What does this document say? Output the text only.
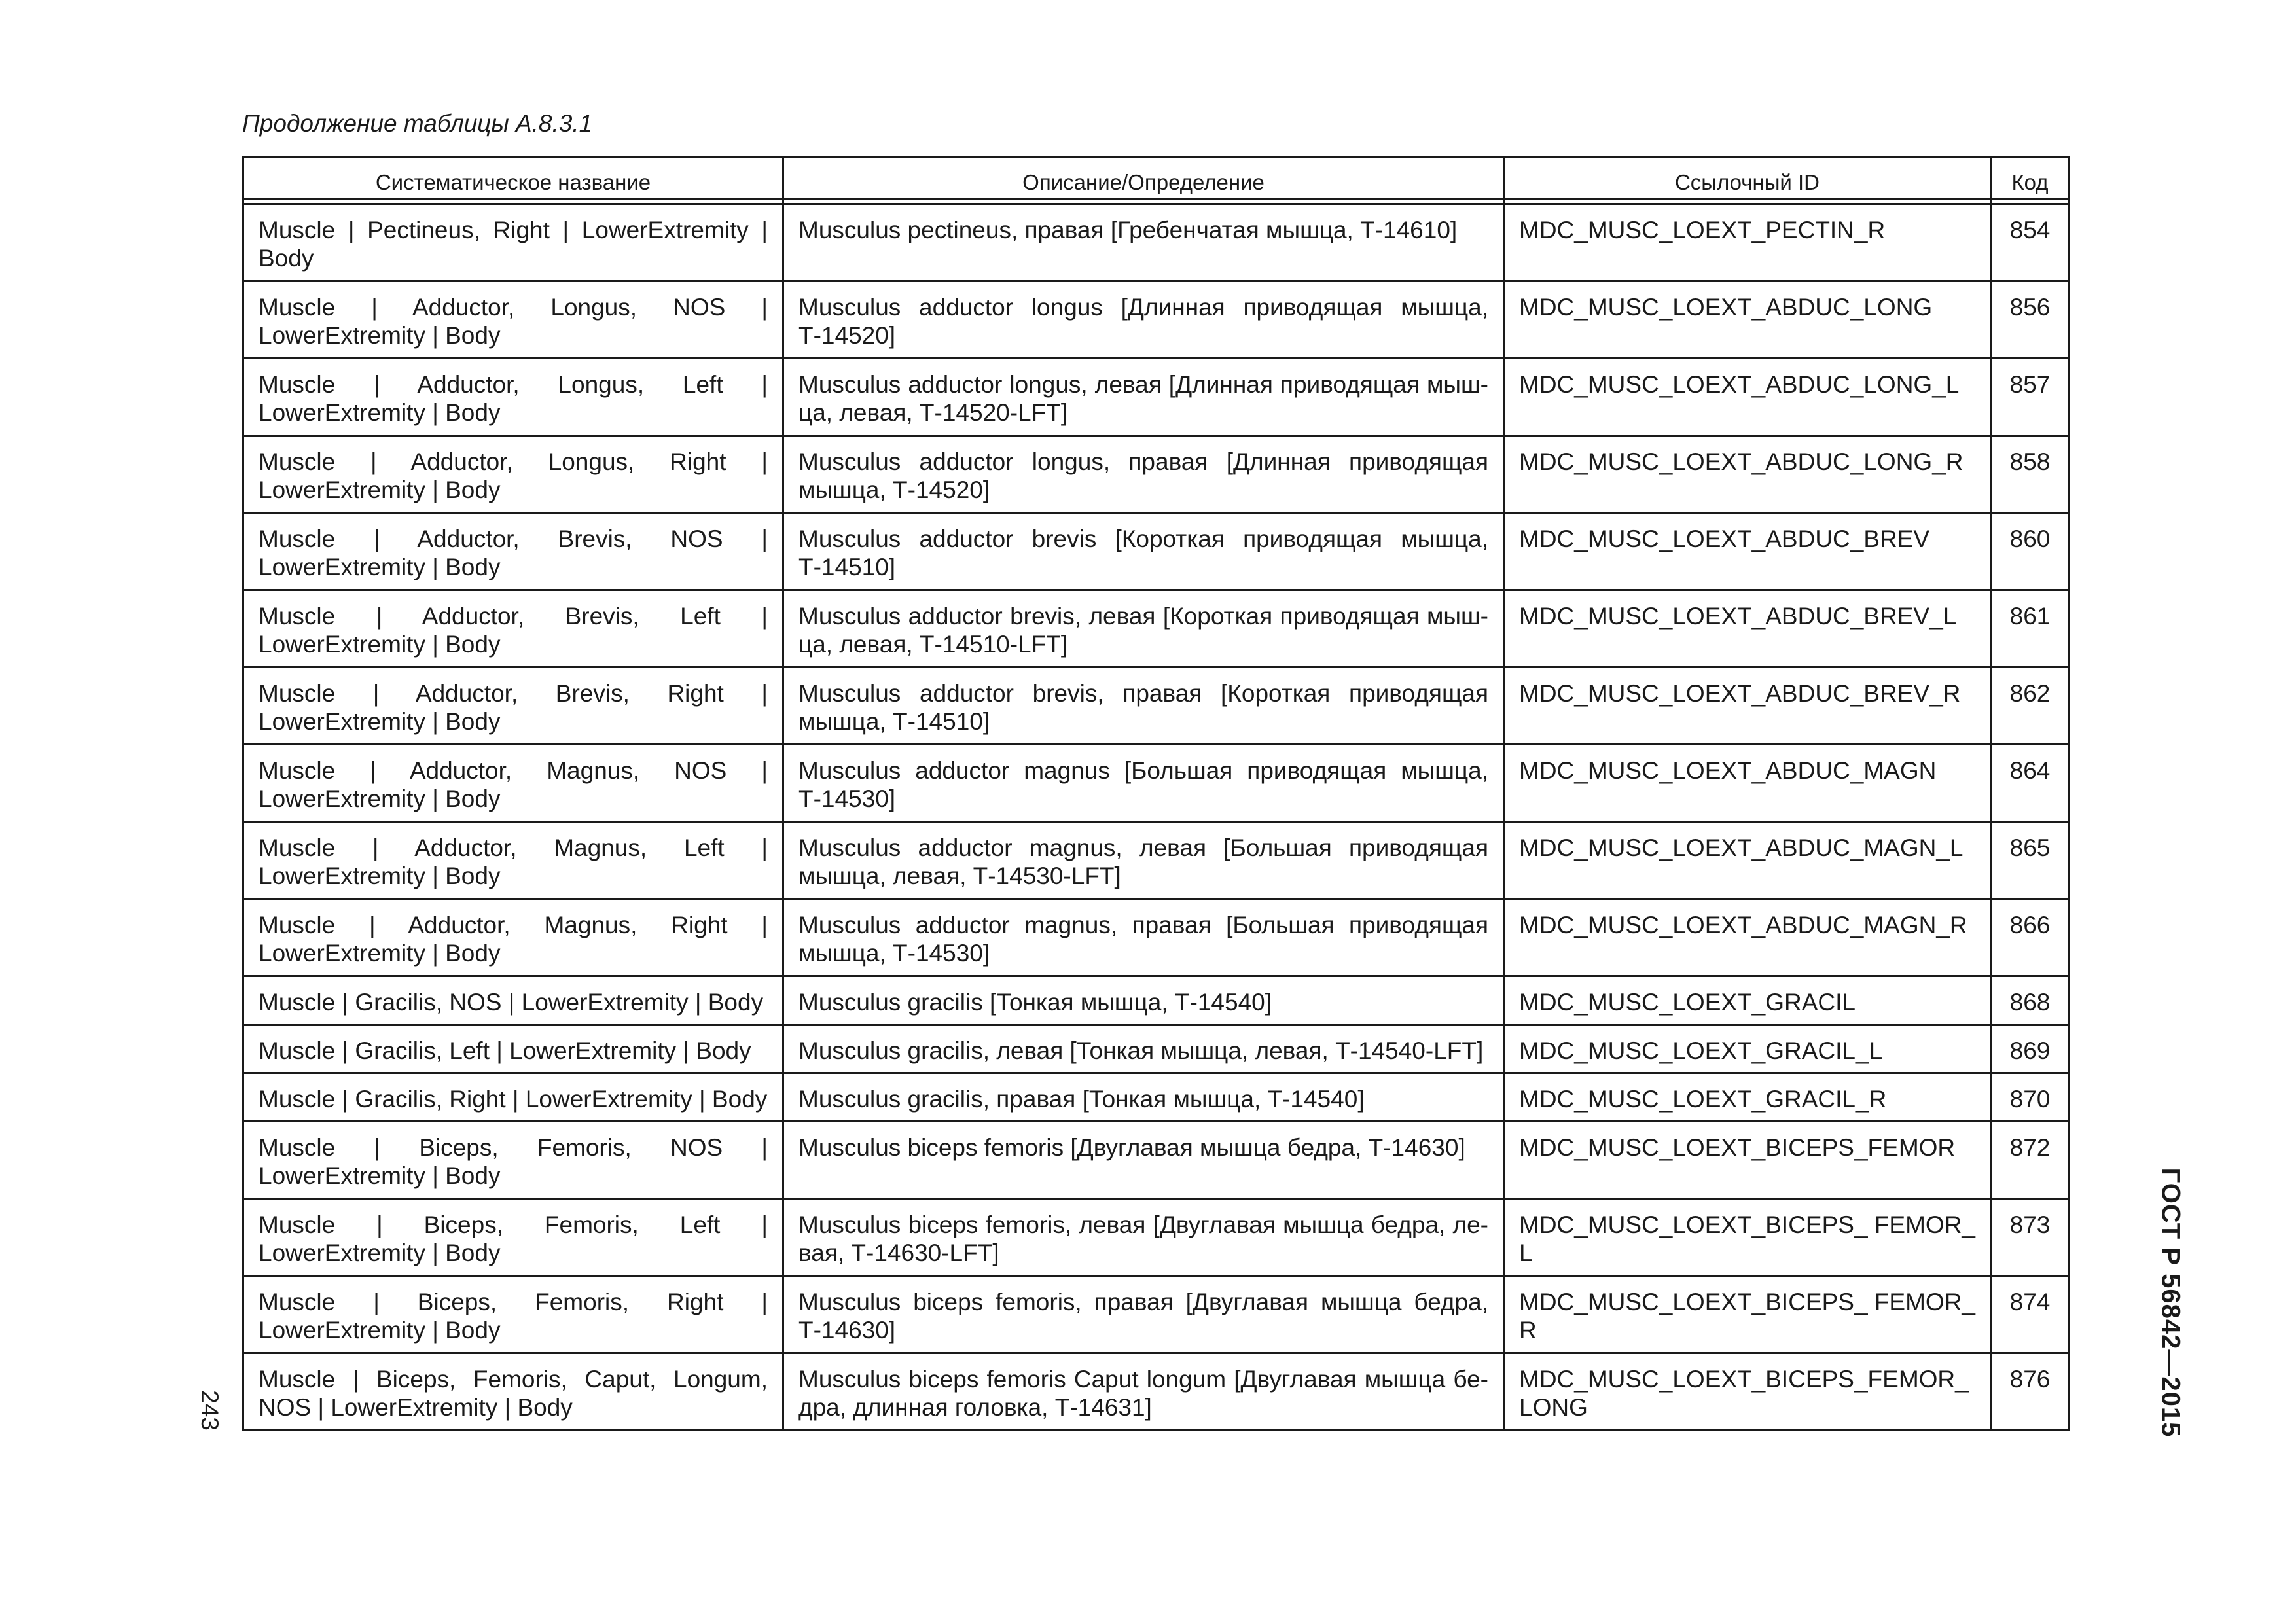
Продолжение таблицы А.8.3.1
Систематическое название	Описание/Определение	Ссылочный ID	Код

Muscle | Pectineus, Right | LowerExtremity | Body	Musculus pectineus, правая [Гребенчатая мышца, Т-14610]	MDC_MUSC_LOEXT_PECTIN_R	854
Muscle | Adductor, Longus, NOS | LowerExtremity | Body	Musculus adductor longus [Длинная приводящая мышца, Т-14520]	MDC_MUSC_LOEXT_ABDUC_LONG	856
Muscle | Adductor, Longus, Left | LowerExtremity | Body	Musculus adductor longus, левая [Длинная приводящая мыш-ца, левая, Т-14520-LFT]	MDC_MUSC_LOEXT_ABDUC_LONG_L	857
Muscle | Adductor, Longus, Right | LowerExtremity | Body	Musculus adductor longus, правая [Длинная приводящая мышца, Т-14520]	MDC_MUSC_LOEXT_ABDUC_LONG_R	858
Muscle | Adductor, Brevis, NOS | LowerExtremity | Body	Musculus adductor brevis [Короткая приводящая мышца, Т-14510]	MDC_MUSC_LOEXT_ABDUC_BREV	860
Muscle | Adductor, Brevis, Left | LowerExtremity | Body	Musculus adductor brevis, левая [Короткая приводящая мыш-ца, левая, Т-14510-LFT]	MDC_MUSC_LOEXT_ABDUC_BREV_L	861
Muscle | Adductor, Brevis, Right | LowerExtremity | Body	Musculus adductor brevis, правая [Короткая приводящая мышца, Т-14510]	MDC_MUSC_LOEXT_ABDUC_BREV_R	862
Muscle | Adductor, Magnus, NOS | LowerExtremity | Body	Musculus adductor magnus [Большая приводящая мышца, Т-14530]	MDC_MUSC_LOEXT_ABDUC_MAGN	864
Muscle | Adductor, Magnus, Left | LowerExtremity | Body	Musculus adductor magnus, левая [Большая приводящая мышца, левая, Т-14530-LFT]	MDC_MUSC_LOEXT_ABDUC_MAGN_L	865
Muscle | Adductor, Magnus, Right | LowerExtremity | Body	Musculus adductor magnus, правая [Большая приводящая мышца, Т-14530]	MDC_MUSC_LOEXT_ABDUC_MAGN_R	866
Muscle | Gracilis, NOS | LowerExtremity | Body	Musculus gracilis [Тонкая мышца, Т-14540]	MDC_MUSC_LOEXT_GRACIL	868
Muscle | Gracilis, Left | LowerExtremity | Body	Musculus gracilis, левая [Тонкая мышца, левая, Т-14540-LFT]	MDC_MUSC_LOEXT_GRACIL_L	869
Muscle | Gracilis, Right | LowerExtremity | Body	Musculus gracilis, правая [Тонкая мышца, Т-14540]	MDC_MUSC_LOEXT_GRACIL_R	870
Muscle | Biceps, Femoris, NOS | LowerExtremity | Body	Musculus biceps femoris [Двуглавая мышца бедра, Т-14630]	MDC_MUSC_LOEXT_BICEPS_FEMOR	872
Muscle | Biceps, Femoris, Left | LowerExtremity | Body	Musculus biceps femoris, левая [Двуглавая мышца бедра, ле-вая, Т-14630-LFT]	MDC_MUSC_LOEXT_BICEPS_ FEMOR_L	873
Muscle | Biceps, Femoris, Right | LowerExtremity | Body	Musculus biceps femoris, правая [Двуглавая мышца бедра, Т-14630]	MDC_MUSC_LOEXT_BICEPS_ FEMOR_R	874
Muscle | Biceps, Femoris, Caput, Longum, NOS | LowerExtremity | Body	Musculus biceps femoris Caput longum [Двуглавая мышца бе-дра, длинная головка, Т-14631]	MDC_MUSC_LOEXT_BICEPS_FEMOR_ LONG	876	ГОСТ Р 56842—2015
243
